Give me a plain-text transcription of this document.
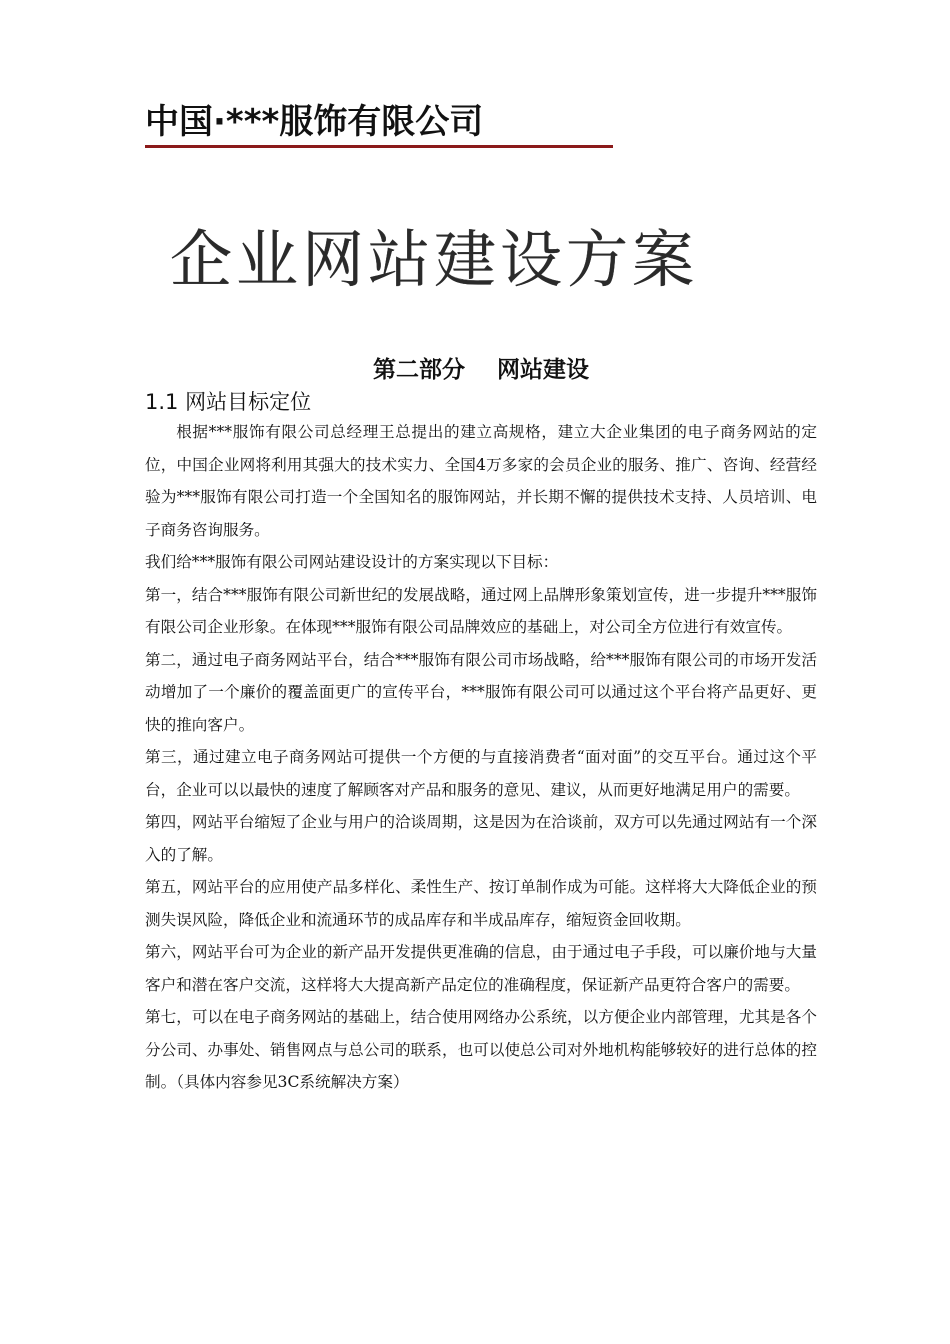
中国·***服饰有限公司
企业网站建设方案
第二部分    网站建设
1.1 网站目标定位

根据***服饰有限公司总经理王总提出的建立高规格，建立大企业集团的电子商务网站的定位，中国企业网将利用其强大的技术实力、全国4万多家的会员企业的服务、推广、咨询、经营经验为***服饰有限公司打造一个全国知名的服饰网站，并长期不懈的提供技术支持、人员培训、电子商务咨询服务。

我们给***服饰有限公司网站建设设计的方案实现以下目标：

第一，结合***服饰有限公司新世纪的发展战略，通过网上品牌形象策划宣传，进一步提升***服饰有限公司企业形象。在体现***服饰有限公司品牌效应的基础上，对公司全方位进行有效宣传。

第二，通过电子商务网站平台，结合***服饰有限公司市场战略，给***服饰有限公司的市场开发活动增加了一个廉价的覆盖面更广的宣传平台，***服饰有限公司可以通过这个平台将产品更好、更快的推向客户。

第三，通过建立电子商务网站可提供一个方便的与直接消费者“面对面”的交互平台。通过这个平台，企业可以以最快的速度了解顾客对产品和服务的意见、建议，从而更好地满足用户的需要。

第四，网站平台缩短了企业与用户的洽谈周期，这是因为在洽谈前，双方可以先通过网站有一个深入的了解。

第五，网站平台的应用使产品多样化、柔性生产、按订单制作成为可能。这样将大大降低企业的预测失误风险，降低企业和流通环节的成品库存和半成品库存，缩短资金回收期。

第六，网站平台可为企业的新产品开发提供更准确的信息，由于通过电子手段，可以廉价地与大量客户和潜在客户交流，这样将大大提高新产品定位的准确程度，保证新产品更符合客户的需要。

第七，可以在电子商务网站的基础上，结合使用网络办公系统，以方便企业内部管理，尤其是各个分公司、办事处、销售网点与总公司的联系，也可以使总公司对外地机构能够较好的进行总体的控制。（具体内容参见3C系统解决方案）
